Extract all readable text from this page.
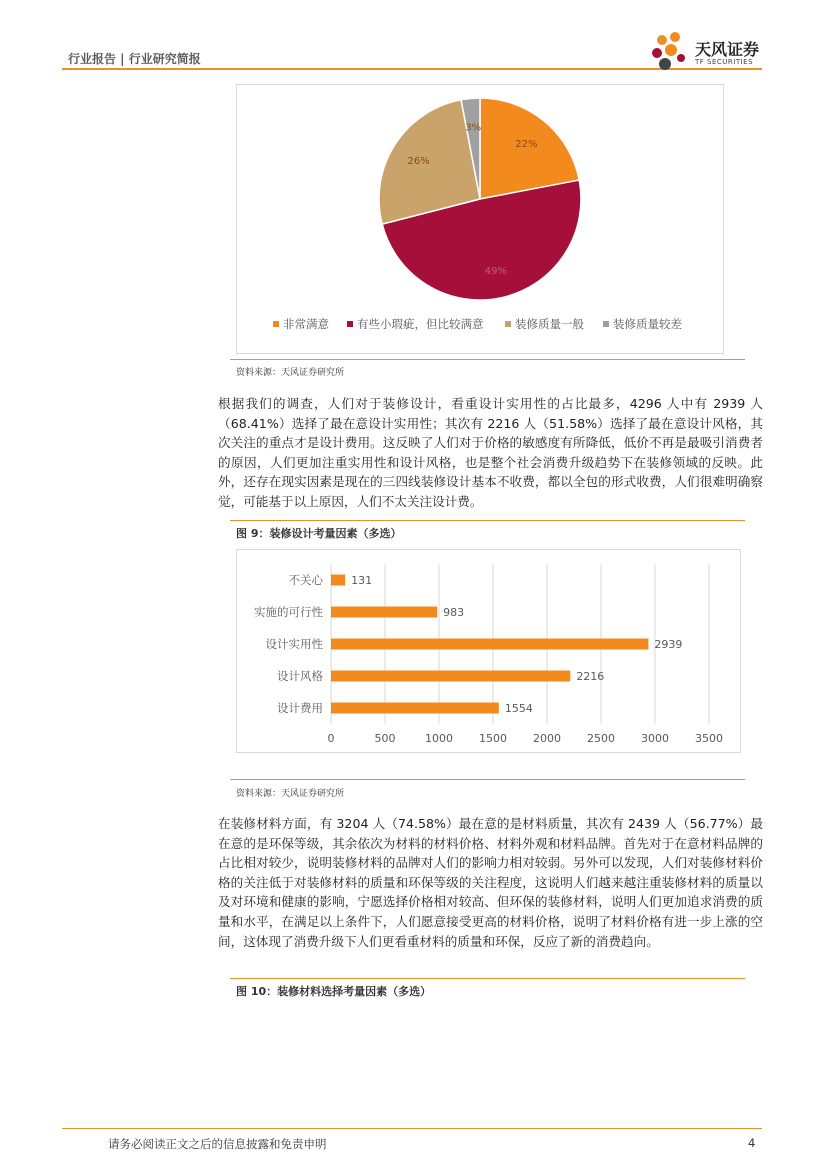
行业报告 | 行业研究简报	天风证券
TF SECURITIES
22%
49%
26%
3%
非常满意 有些小瑕疵，但比较满意	装修质量一般	装修质量较差
资料来源：天风证券研究所
根据我们的调查，人们对于装修设计，看重设计实用性的占比最多，4296 人中有 2939 人（68.41%）选择了最在意设计实用性；其次有 2216 人（51.58%）选择了最在意设计风格，其次关注的重点才是设计费用。这反映了人们对于价格的敏感度有所降低，低价不再是最吸引消费者的原因，人们更加注重实用性和设计风格，也是整个社会消费升级趋势下在装修领域的反映。此外，还存在现实因素是现在的三四线装修设计基本不收费，都以全包的形式收费，人们很难明确察觉，可能基于以上原因，人们不太关注设计费。
图 9：装修设计考量因素（多选）
0	500	1000 1500 2000 2500 3000 3500
不关心	131
实施的可行性	983
设计实用性	2939
设计风格	2216
设计费用	1554
资料来源：天风证券研究所
在装修材料方面，有 3204 人（74.58%）最在意的是材料质量，其次有 2439 人（56.77%）最在意的是环保等级，其余依次为材料的材料价格、材料外观和材料品牌。首先对于在意材料品牌的占比相对较少，说明装修材料的品牌对人们的影响力相对较弱。另外可以发现，人们对装修材料价格的关注低于对装修材料的质量和环保等级的关注程度，这说明人们越来越注重装修材料的质量以及对环境和健康的影响，宁愿选择价格相对较高、但环保的装修材料，说明人们更加追求消费的质量和水平，在满足以上条件下，人们愿意接受更高的材料价格，说明了材料价格有进一步上涨的空间，这体现了消费升级下人们更看重材料的质量和环保，反应了新的消费趋向。
图 10：装修材料选择考量因素（多选）
请务必阅读正文之后的信息披露和免责申明	4
